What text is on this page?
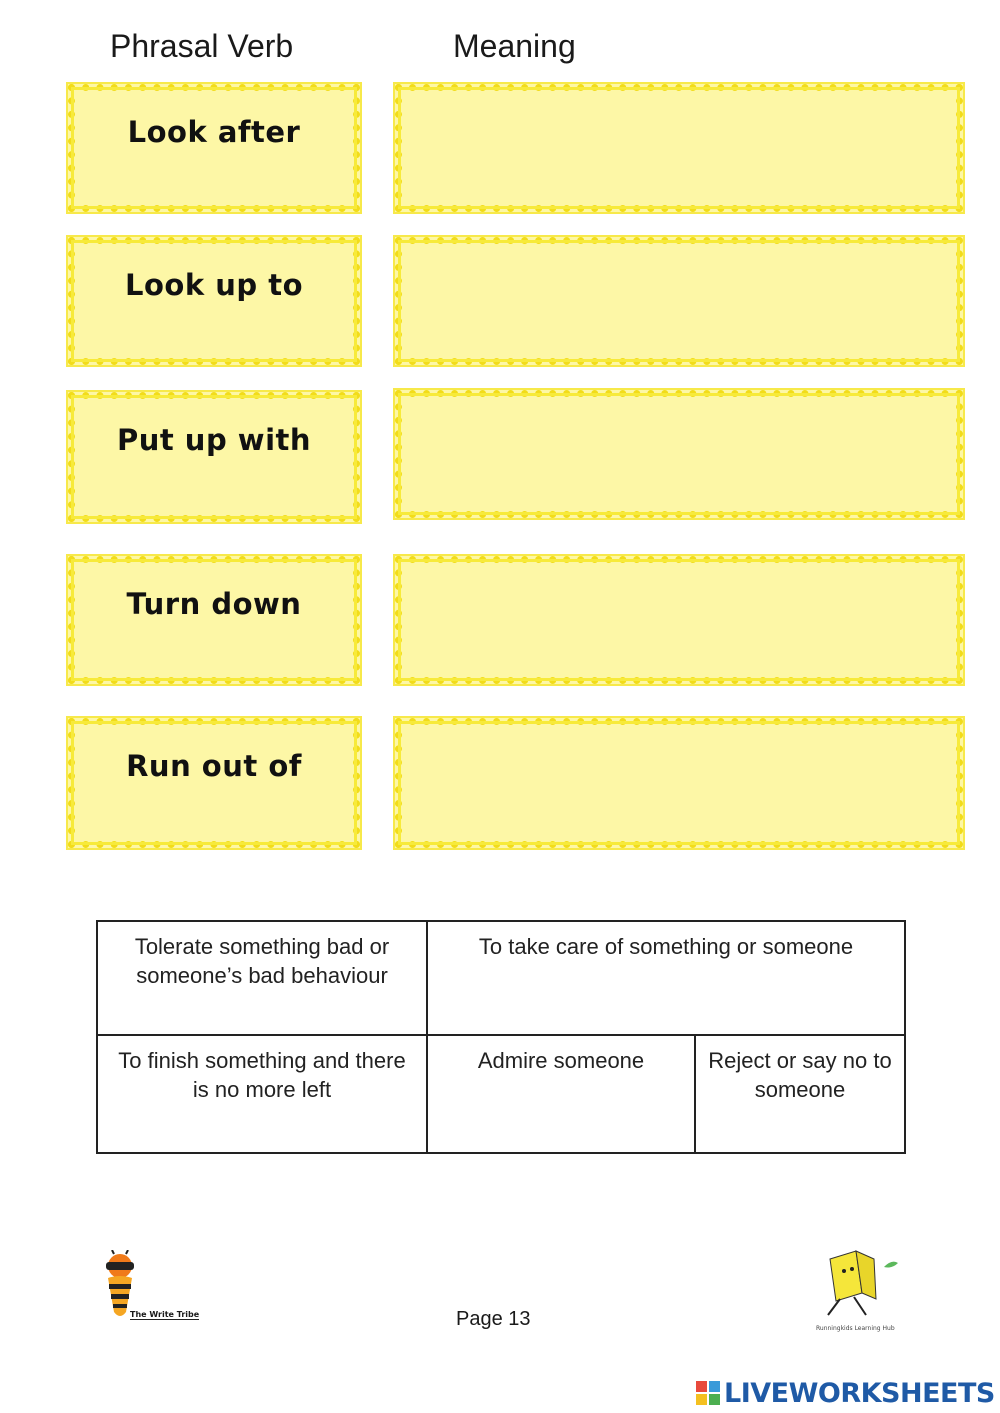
Phrasal Verb	Meaning
Look after
Look up to
Put up with
Turn down
Run out of
Tolerate something bad or someone’s bad behaviour	To take care of something or someone	
To finish something and there is no more left	Admire someone	Reject or say no to someone
The Write Tribe	Page 13	Runningkids Learning Hub
LIVEWORKSHEETS
